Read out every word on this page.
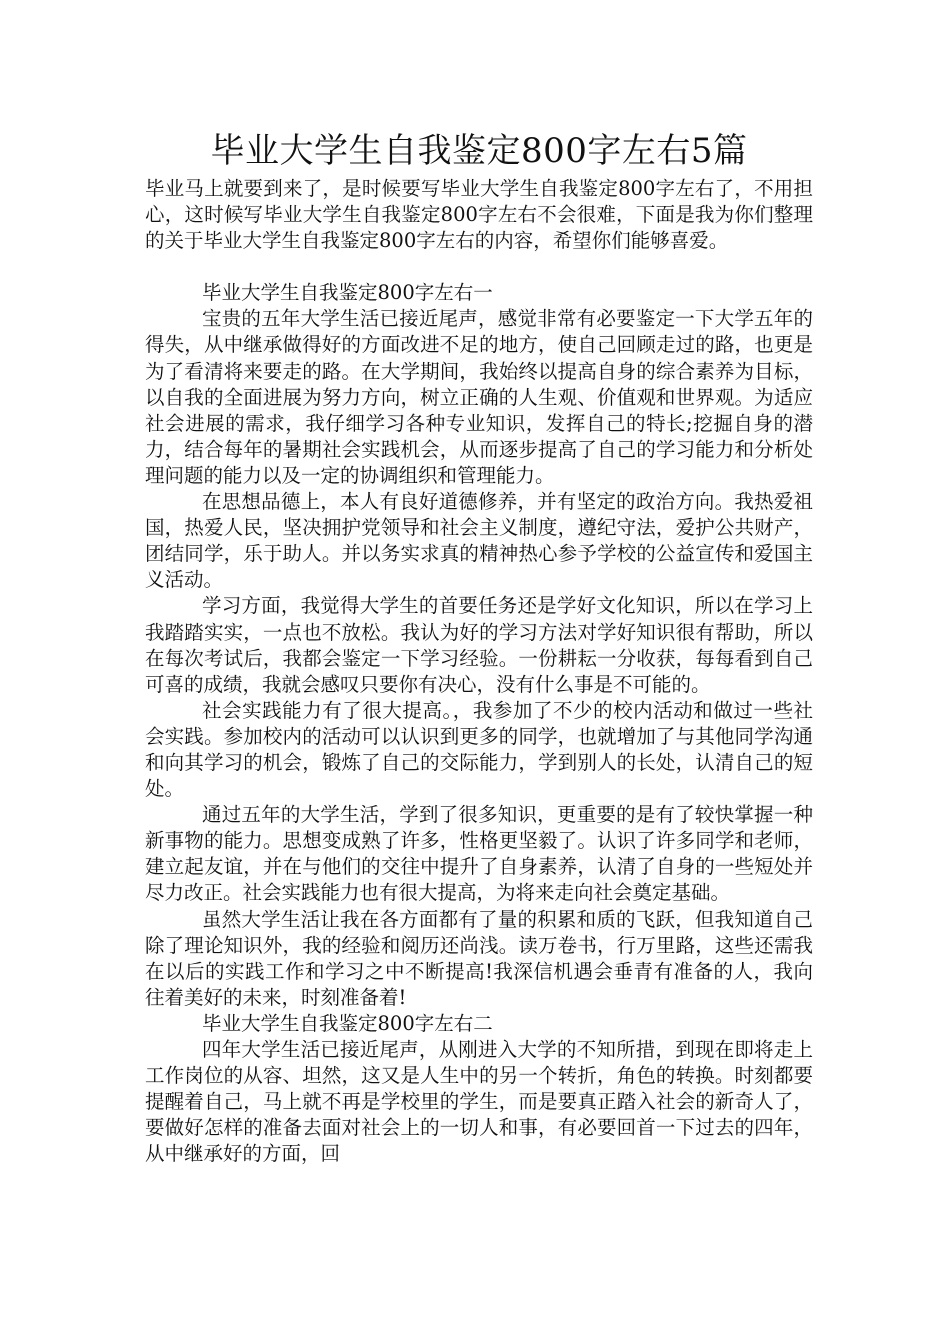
毕业大学生自我鉴定800字左右5篇

毕业马上就要到来了，是时候要写毕业大学生自我鉴定800字左右了，不用担心，这时候写毕业大学生自我鉴定800字左右不会很难，下面是我为你们整理的关于毕业大学生自我鉴定800字左右的内容，希望你们能够喜爱。

毕业大学生自我鉴定800字左右一

宝贵的五年大学生活已接近尾声，感觉非常有必要鉴定一下大学五年的得失，从中继承做得好的方面改进不足的地方，使自己回顾走过的路，也更是为了看清将来要走的路。在大学期间，我始终以提高自身的综合素养为目标，以自我的全面进展为努力方向，树立正确的人生观、价值观和世界观。为适应社会进展的需求，我仔细学习各种专业知识，发挥自己的特长;挖掘自身的潜力，结合每年的暑期社会实践机会，从而逐步提高了自己的学习能力和分析处理问题的能力以及一定的协调组织和管理能力。

在思想品德上，本人有良好道德修养，并有坚定的政治方向。我热爱祖国，热爱人民，坚决拥护党领导和社会主义制度，遵纪守法，爱护公共财产，团结同学，乐于助人。并以务实求真的精神热心参予学校的公益宣传和爱国主义活动。

学习方面，我觉得大学生的首要任务还是学好文化知识，所以在学习上我踏踏实实，一点也不放松。我认为好的学习方法对学好知识很有帮助，所以在每次考试后，我都会鉴定一下学习经验。一份耕耘一分收获，每每看到自己可喜的成绩，我就会感叹只要你有决心，没有什么事是不可能的。

社会实践能力有了很大提高。，我参加了不少的校内活动和做过一些社会实践。参加校内的活动可以认识到更多的同学，也就增加了与其他同学沟通和向其学习的机会，锻炼了自己的交际能力，学到别人的长处，认清自己的短处。

通过五年的大学生活，学到了很多知识，更重要的是有了较快掌握一种新事物的能力。思想变成熟了许多，性格更坚毅了。认识了许多同学和老师，建立起友谊，并在与他们的交往中提升了自身素养，认清了自身的一些短处并尽力改正。社会实践能力也有很大提高，为将来走向社会奠定基础。

虽然大学生活让我在各方面都有了量的积累和质的飞跃，但我知道自己除了理论知识外，我的经验和阅历还尚浅。读万卷书，行万里路，这些还需我在以后的实践工作和学习之中不断提高!我深信机遇会垂青有准备的人，我向往着美好的未来，时刻准备着!

毕业大学生自我鉴定800字左右二

四年大学生活已接近尾声，从刚进入大学的不知所措，到现在即将走上工作岗位的从容、坦然，这又是人生中的另一个转折，角色的转换。时刻都要提醒着自己，马上就不再是学校里的学生，而是要真正踏入社会的新奇人了，要做好怎样的准备去面对社会上的一切人和事，有必要回首一下过去的四年，从中继承好的方面，回
